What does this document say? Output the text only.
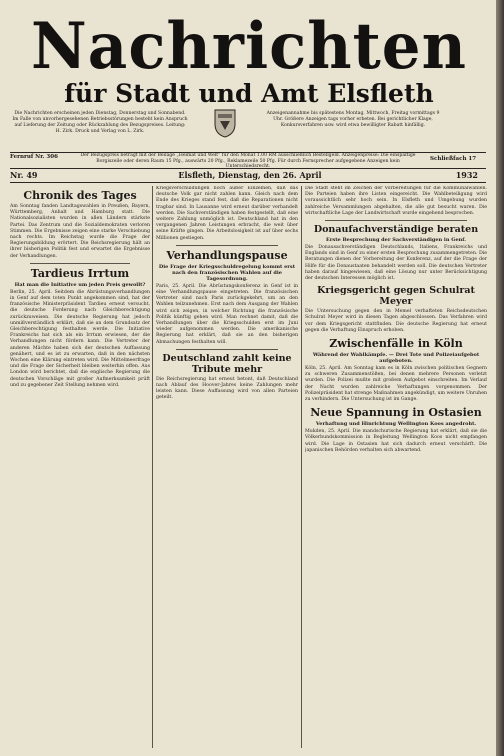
Nachrichten
für Stadt und Amt Elsfleth
Die Nachrichten erscheinen jeden Dienstag, Donnerstag und Sonnabend. Im Falle von unvorhergesehenen Betriebsstörungen besteht kein Anspruch auf Lieferung der Zeitung oder Rückzahlung des Bezugspreises. Leitung: H. Zirk. Druck und Verlag von L. Zirk.
Anzeigenannahme bis spätestens Montag, Mittwoch, Freitag vormittags 9 Uhr. Größere Anzeigen tags vorher erbeten. Bei gerichtlicher Klage, Konkursverfahren usw. wird etwa bewilligter Rabatt hinfällig.
Fernruf Nr. 306	Der Bezugspreis beträgt mit der Beilage „Heimat und Welt“ für den Monat 1.00 RM ausschließlich Bestellgeld. Anzeigenpreise: Die einspaltige Borgiszeile oder deren Raum 15 Pfg., auswärts 20 Pfg., Reklamezeile 50 Pfg. Für durch Fernsprecher aufgegebene Anzeigen kein Unterschiedsrecht.
Schließfach 17
Nr. 49	Elsfleth, Dienstag, den 26. April	1932
Chronik des Tages
Am Sonntag fanden Landtagswahlen in Preußen, Bayern, Württemberg, Anhalt und Hamburg statt. Die Nationalsozialisten wurden in allen Ländern stärkste Partei. Das Zentrum und die Sozialdemokraten verloren Stimmen. Die Ergebnisse zeigen eine starke Verschiebung nach rechts. Im Reichstag wurde die Frage der Regierungsbildung erörtert. Die Reichsregierung hält an ihrer bisherigen Politik fest und erwartet die Ergebnisse der Verhandlungen.
Tardieus Irrtum
Hat man die Initiative um jeden Preis gewollt?
Berlin, 25. April. Seitdem die Abrüstungsverhandlungen in Genf auf dem toten Punkt angekommen sind, hat der französische Ministerpräsident Tardieu erneut versucht, die deutsche Forderung nach Gleichberechtigung zurückzuweisen. Die deutsche Regierung hat jedoch unmißverständlich erklärt, daß sie an dem Grundsatz der Gleichberechtigung festhalten werde. Die Initiative Frankreichs hat sich als ein Irrtum erwiesen, der die Verhandlungen nicht fördern kann. Die Vertreter der anderen Mächte haben sich der deutschen Auffassung genähert, und es ist zu erwarten, daß in den nächsten Wochen eine Klärung eintreten wird. Die Mittelmeerfrage und die Frage der Sicherheit bleiben weiterhin offen. Aus London wird berichtet, daß die englische Regierung die deutschen Vorschläge mit großer Aufmerksamkeit prüft und zu gegebener Zeit Stellung nehmen wird.
Kriegsverschuldungen noch außer Einzelnen, daß das deutsche Volk gar nicht zahlen kann. Gleich nach dem Ende des Krieges stand fest, daß die Reparationen nicht tragbar sind. In Lausanne wird erneut darüber verhandelt werden. Die Sachverständigen haben festgestellt, daß eine weitere Zahlung unmöglich ist. Deutschland hat in den vergangenen Jahren Leistungen erbracht, die weit über seine Kräfte gingen. Die Arbeitslosigkeit ist auf über sechs Millionen gestiegen.
Verhandlungspause
Die Frage der Kriegsschuldregelung kommt erst nach den französischen Wahlen auf die Tagesordnung.
Paris, 25. April. Die Abrüstungskonferenz in Genf ist in eine Verhandlungspause eingetreten. Die französischen Vertreter sind nach Paris zurückgekehrt, um an den Wahlen teilzunehmen. Erst nach dem Ausgang der Wahlen wird sich zeigen, in welcher Richtung die französische Politik künftig gehen wird. Man rechnet damit, daß die Verhandlungen über die Kriegsschulden erst im Juni wieder aufgenommen werden. Die amerikanische Regierung hat erklärt, daß sie an den bisherigen Abmachungen festhalten will.
Deutschland zahlt keine Tribute mehr
Die Reichsregierung hat erneut betont, daß Deutschland nach Ablauf des Hoover-Jahres keine Zahlungen mehr leisten kann. Diese Auffassung wird von allen Parteien geteilt.
Die Stadt steht im Zeichen der Vorbereitungen für die Kommunalwahlen. Die Parteien haben ihre Listen eingereicht. Die Wahlbeteiligung wird voraussichtlich sehr hoch sein. In Elsfleth und Umgebung wurden zahlreiche Versammlungen abgehalten, die alle gut besucht waren. Die wirtschaftliche Lage der Landwirtschaft wurde eingehend besprochen.
Donaufachverständige beraten
Erste Besprechung der Sachverständigen in Genf.
Die Donausachverständigen Deutschlands, Italiens, Frankreichs und Englands sind in Genf zu einer ersten Besprechung zusammengetreten. Die Beratungen dienen der Vorbereitung der Konferenz, auf der die Frage der Hilfe für die Donaustaaten behandelt werden soll. Die deutschen Vertreter haben darauf hingewiesen, daß eine Lösung nur unter Berücksichtigung der deutschen Interessen möglich ist.
Kriegsgericht gegen Schulrat Meyer
Die Untersuchung gegen den in Memel verhafteten Reichsdeutschen Schulrat Meyer wird in diesen Tagen abgeschlossen. Das Verfahren wird vor dem Kriegsgericht stattfinden. Die deutsche Regierung hat erneut gegen die Verhaftung Einspruch erhoben.
Zwischenfälle in Köln
Während der Wahlkämpfe. — Drei Tote und Polizeiaufgebot aufgeboten.
Köln, 25. April. Am Sonntag kam es in Köln zwischen politischen Gegnern zu schweren Zusammenstößen, bei denen mehrere Personen verletzt wurden. Die Polizei mußte mit großem Aufgebot einschreiten. Im Verlauf der Nacht wurden zahlreiche Verhaftungen vorgenommen. Der Polizeipräsident hat strenge Maßnahmen angekündigt, um weitere Unruhen zu verhindern. Die Untersuchung ist im Gange.
Neue Spannung in Ostasien
Verhaftung und Hinrichtung Wellington Koos angedroht.
Mukden, 25. April. Die mandschurische Regierung hat erklärt, daß sie die Völkerbundskommission in Begleitung Wellington Koos nicht empfangen wird. Die Lage in Ostasien hat sich dadurch erneut verschärft. Die japanischen Behörden verhalten sich abwartend.
